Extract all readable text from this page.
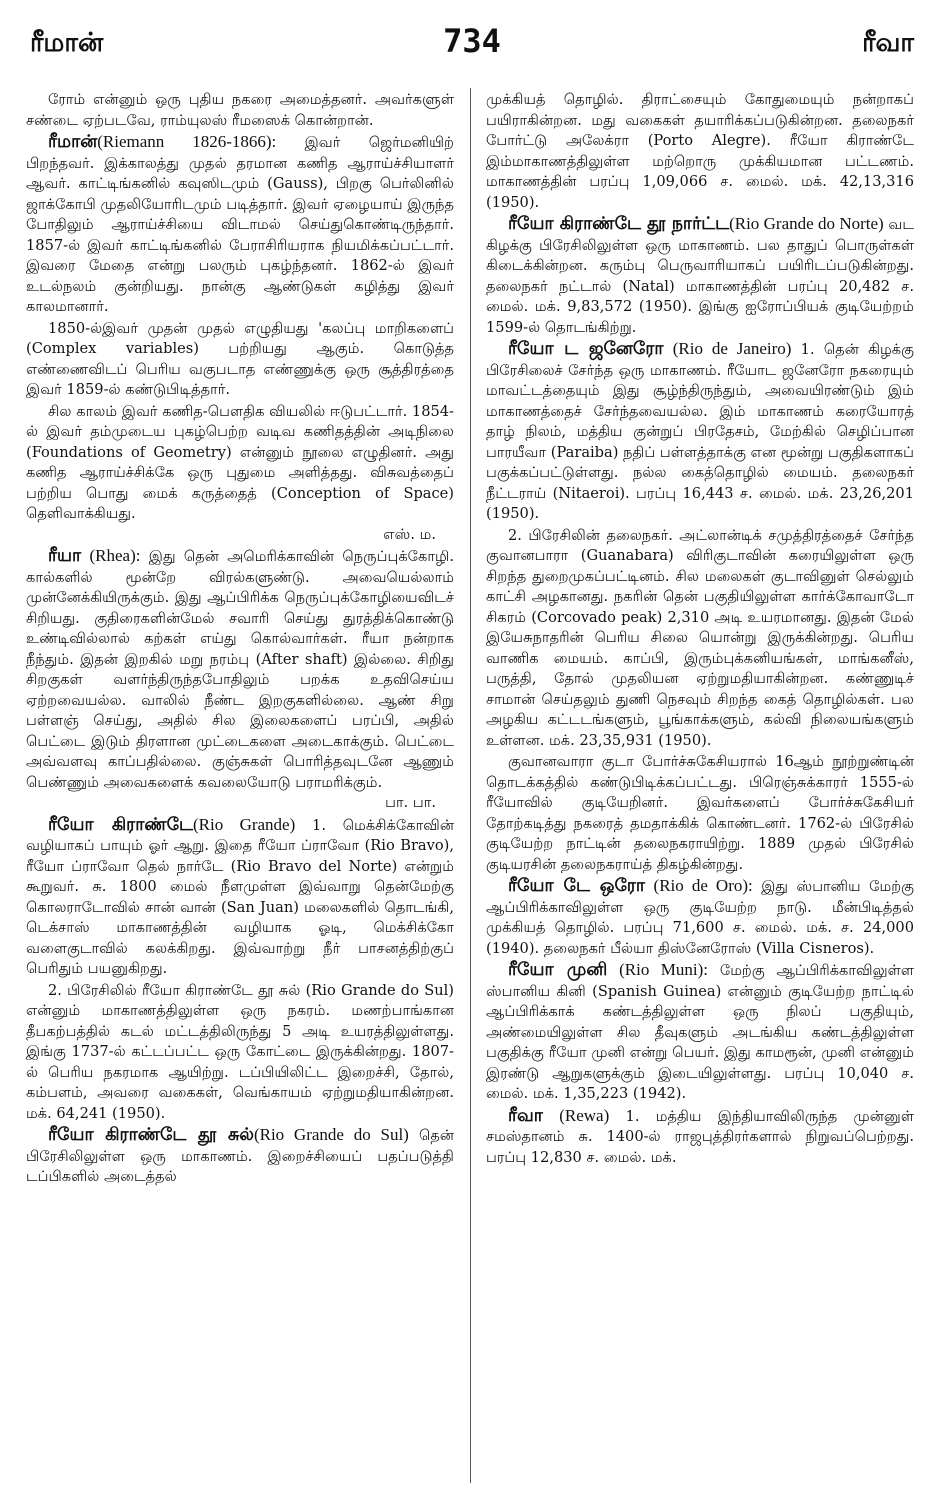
ரீமான்	734	ரீவா

ரோம் என்னும் ஒரு புதிய நகரை அமைத்தனர். அவர்களுள் சண்டை ஏற்படவே, ராம்யுலஸ் ரீமஸைக் கொன்றான்.

ரீமான்(Riemann 1826-1866): இவர் ஜெர்மனியிற் பிறந்தவர். இக்காலத்து முதல் தரமான கணித ஆராய்ச்சியாளர் ஆவர். காட்டிங்கனில் கவுஸிடமும் (Gauss), பிறகு பெர்லினில் ஜாக்கோபி முதலியோரிடமும் படித்தார். இவர் ஏழையாய் இருந்த போதிலும் ஆராய்ச்சியை விடாமல் செய்துகொண்டிருந்தார். 1857-ல் இவர் காட்டிங்கனில் பேராசிரியராக நியமிக்கப்பட்டார். இவரை மேதை என்று பலரும் புகழ்ந்தனர். 1862-ல் இவர் உடல்நலம் குன்றியது. நான்கு ஆண்டுகள் கழித்து இவர் காலமானார்.

1850-ல்இவர் முதன் முதல் எழுதியது 'கலப்பு மாறிகளைப் (Complex variables) பற்றியது ஆகும். கொடுத்த எண்ணைவிடப் பெரிய வகுபடாத எண்ணுக்கு ஒரு சூத்திரத்தை இவர் 1859-ல் கண்டுபிடித்தார்.

சில காலம் இவர் கணித-பௌதிக வியலில் ஈடுபட்டார். 1854-ல் இவர் தம்முடைய புகழ்பெற்ற வடிவ கணிதத்தின் அடிநிலை (Foundations of Geometry) என்னும் நூலை எழுதினர். அது கணித ஆராய்ச்சிக்கே ஒரு புதுமை அளித்தது. விசுவத்தைப் பற்றிய பொது மைக் கருத்தைத் (Conception of Space) தெளிவாக்கியது.
எஸ். ம.

ரீயா (Rhea): இது தென் அமெரிக்காவின் நெருப்புக்கோழி. கால்களில் மூன்றே விரல்களுண்டு. அவையெல்லாம் முன்னேக்கியிருக்கும். இது ஆப்பிரிக்க நெருப்புக்கோழியைவிடச் சிறியது. குதிரைகளின்மேல் சவாரி செய்து துரத்திக்கொண்டு உண்டிவில்லால் கற்கள் எய்து கொல்வார்கள். ரீயா நன்றாக நீந்தும். இதன் இறகில் மறு நரம்பு (After shaft) இல்லை. சிறிது சிறகுகள் வளர்ந்திருந்தபோதிலும் பறக்க உதவிசெய்ய ஏற்றவையல்ல. வாலில் நீண்ட இறகுகளில்லை. ஆண் சிறு பள்ளஞ் செய்து, அதில் சில இலைகளைப் பரப்பி, அதில் பெட்டை இடும் திரளான முட்டைகளை அடைகாக்கும். பெட்டை அவ்வளவு காப்பதில்லை. குஞ்சுகள் பொரித்தவுடனே ஆணும் பெண்ணும் அவைகளைக் கவலையோடு பராமரிக்கும்.
பா. பா.

ரீயோ கிராண்டே(Rio Grande) 1. மெக்சிக்கோவின் வழியாகப் பாயும் ஓர் ஆறு. இதை ரீயோ ப்ராவோ (Rio Bravo), ரீயோ ப்ராவோ தெல் நார்டே (Rio Bravo del Norte) என்றும் கூறுவர். சு. 1800 மைல் நீளமுள்ள இவ்வாறு தென்மேற்கு கொலராடோவில் சான் வான் (San Juan) மலைகளில் தொடங்கி, டெக்சாஸ் மாகாணத்தின் வழியாக ஓடி, மெக்சிக்கோ வளைகுடாவில் கலக்கிறது. இவ்வாற்று நீர் பாசனத்திற்குப் பெரிதும் பயனுகிறது.

2. பிரேசிலில் ரீயோ கிராண்டே தூ சுல் (Rio Grande do Sul) என்னும் மாகாணத்திலுள்ள ஒரு நகரம். மணற்பாங்கான தீபகற்பத்தில் கடல் மட்டத்திலிருந்து 5 அடி உயரத்திலுள்ளது. இங்கு 1737-ல் கட்டப்பட்ட ஒரு கோட்டை இருக்கின்றது. 1807-ல் பெரிய நகரமாக ஆயிற்று. டப்பியிலிட்ட இறைச்சி, தோல், கம்பளம், அவரை வகைகள், வெங்காயம் ஏற்றுமதியாகின்றன. மக். 64,241 (1950).

ரீயோ கிராண்டே தூ சுல்(Rio Grande do Sul) தென் பிரேசிலிலுள்ள ஒரு மாகாணம். இறைச்சியைப் பதப்படுத்தி டப்பிகளில் அடைத்தல்

முக்கியத் தொழில். திராட்சையும் கோதுமையும் நன்றாகப் பயிராகின்றன. மது வகைகள் தயாரிக்கப்படுகின்றன. தலைநகர் போர்ட்டு அலேக்ரா (Porto Alegre). ரீயோ கிராண்டே இம்மாகாணத்திலுள்ள மற்றொரு முக்கியமான பட்டணம். மாகாணத்தின் பரப்பு 1,09,066 ச. மைல். மக். 42,13,316 (1950).

ரீயோ கிராண்டே தூ நார்ட்ட(Rio Grande do Norte) வட கிழக்கு பிரேசிலிலுள்ள ஒரு மாகாணம். பல தாதுப் பொருள்கள் கிடைக்கின்றன. கரும்பு பெருவாரியாகப் பயிரிடப்படுகின்றது. தலைநகர் நட்டால் (Natal) மாகாணத்தின் பரப்பு 20,482 ச. மைல். மக். 9,83,572 (1950). இங்கு ஐரோப்பியக் குடியேற்றம் 1599-ல் தொடங்கிற்று.

ரீயோ ட ஜனேரோ (Rio de Janeiro) 1. தென் கிழக்கு பிரேசிலைச் சேர்ந்த ஒரு மாகாணம். ரீயோட ஜனேரோ நகரையும் மாவட்டத்தையும் இது சூழ்ந்திருந்தும், அவையிரண்டும் இம் மாகாணத்தைச் சேர்ந்தவையல்ல. இம் மாகாணம் கரையோரத் தாழ் நிலம், மத்திய குன்றுப் பிரதேசம், மேற்கில் செழிப்பான பாரயீவா (Paraiba) நதிப் பள்ளத்தாக்கு என மூன்று பகுதிகளாகப் பகுக்கப்பட்டுள்ளது. நல்ல கைத்தொழில் மையம். தலைநகர் நீட்டராய் (Nitaeroi). பரப்பு 16,443 ச. மைல். மக். 23,26,201 (1950).

2. பிரேசிலின் தலைநகர். அட்லான்டிக் சமுத்திரத்தைச் சேர்ந்த குவானபாரா (Guanabara) விரிகுடாவின் கரையிலுள்ள ஒரு சிறந்த துறைமுகப்பட்டினம். சில மலைகள் குடாவினுள் செல்லும் காட்சி அழகானது. நகரின் தென் பகுதியிலுள்ள கார்க்கோவாடோ சிகரம் (Corcovado peak) 2,310 அடி உயரமானது. இதன் மேல் இயேசுநாதரின் பெரிய சிலை யொன்று இருக்கின்றது. பெரிய வாணிக மையம். காப்பி, இரும்புக்கனியங்கள், மாங்கனீஸ், பருத்தி, தோல் முதலியன ஏற்றுமதியாகின்றன. கண்ணுடிச் சாமான் செய்தலும் துணி நெசவும் சிறந்த கைத் தொழில்கள். பல அழகிய கட்டடங்களும், பூங்காக்களும், கல்வி நிலையங்களும் உள்ளன. மக். 23,35,931 (1950).

குவானவாரா குடா போர்ச்சுகேசியரால் 16ஆம் நூற்றுண்டின் தொடக்கத்தில் கண்டுபிடிக்கப்பட்டது. பிரெஞ்சுக்காரர் 1555-ல் ரீயோவில் குடியேறினர். இவர்களைப் போர்ச்சுகேசியர் தோற்கடித்து நகரைத் தமதாக்கிக் கொண்டனர். 1762-ல் பிரேசில் குடியேற்ற நாட்டின் தலைநகராயிற்று. 1889 முதல் பிரேசில் குடியரசின் தலைநகராய்த் திகழ்கின்றது.

ரீயோ டே ஒரோ (Rio de Oro): இது ஸ்பானிய மேற்கு ஆப்பிரிக்காவிலுள்ள ஒரு குடியேற்ற நாடு. மீன்பிடித்தல் முக்கியத் தொழில். பரப்பு 71,600 ச. மைல். மக். ச. 24,000 (1940). தலைநகர் பீல்யா திஸ்னேரோஸ் (Villa Cisneros).

ரீயோ முனி (Rio Muni): மேற்கு ஆப்பிரிக்காவிலுள்ள ஸ்பானிய கினி (Spanish Guinea) என்னும் குடியேற்ற நாட்டில் ஆப்பிரிக்காக் கண்டத்திலுள்ள ஒரு நிலப் பகுதியும், அண்மையிலுள்ள சில தீவுகளும் அடங்கிய கண்டத்திலுள்ள பகுதிக்கு ரீயோ முனி என்று பெயர். இது காமரூன், முனி என்னும் இரண்டு ஆறுகளுக்கும் இடையிலுள்ளது. பரப்பு 10,040 ச. மைல். மக். 1,35,223 (1942).

ரீவா (Rewa) 1. மத்திய இந்தியாவிலிருந்த முன்னுள் சமஸ்தானம் சு. 1400-ல் ராஜபுத்திரர்களால் நிறுவப்பெற்றது. பரப்பு 12,830 ச. மைல். மக்.
